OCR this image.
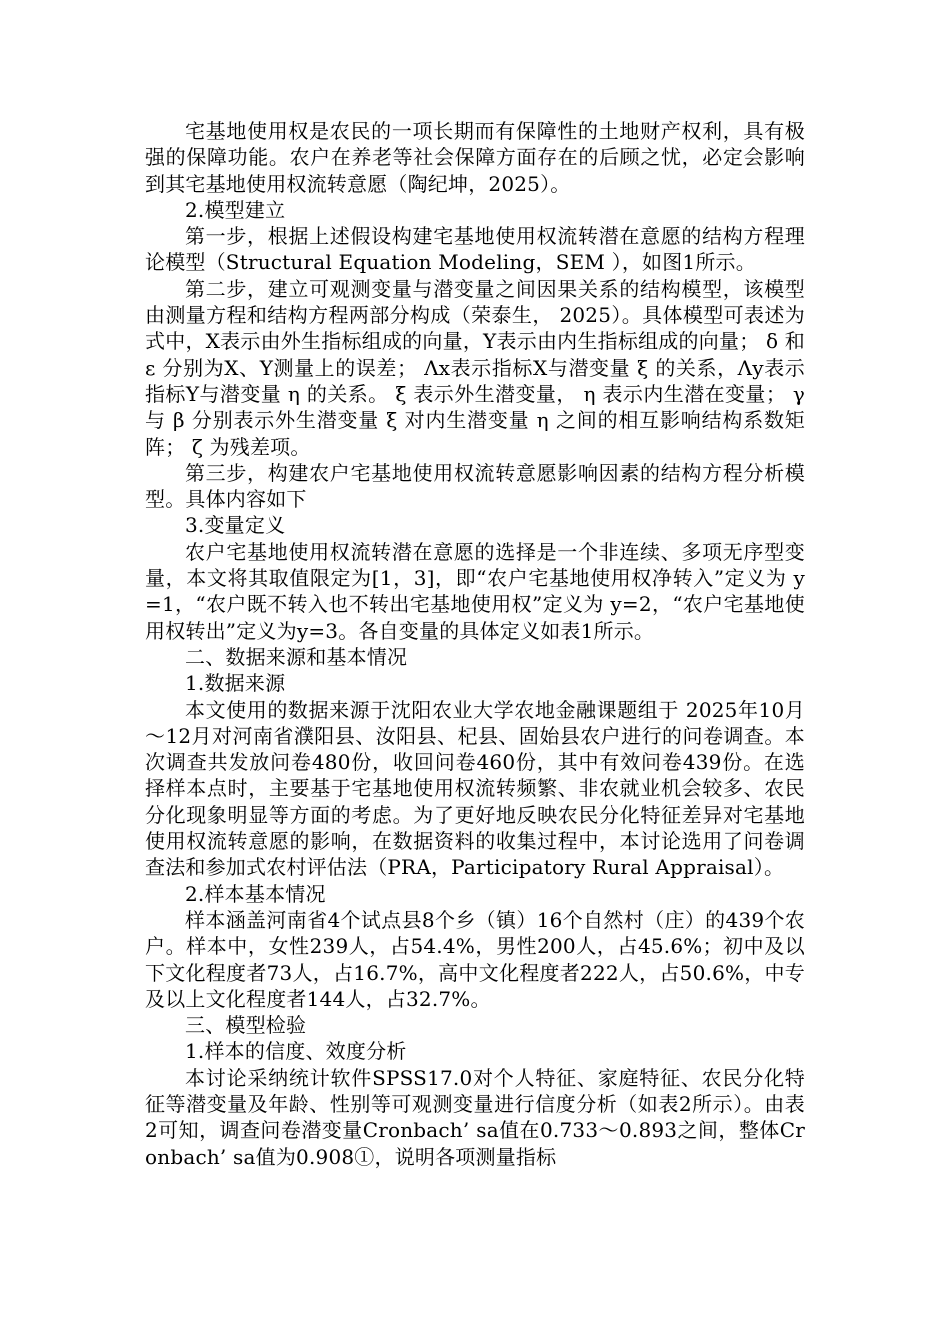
宅基地使用权是农民的一项长期而有保障性的土地财产权利，具有极强的保障功能。农户在养老等社会保障方面存在的后顾之忧，必定会影响到其宅基地使用权流转意愿（陶纪坤，2025）。

2.模型建立

第一步，根据上述假设构建宅基地使用权流转潜在意愿的结构方程理论模型（Structural Equation Modeling，SEM ），如图1所示。

第二步，建立可观测变量与潜变量之间因果关系的结构模型，该模型由测量方程和结构方程两部分构成（荣泰生， 2025）。具体模型可表述为　　　式中，X表示由外生指标组成的向量，Y表示由内生指标组成的向量； δ 和 ε 分别为X、Y测量上的误差； Λx表示指标X与潜变量 ξ 的关系，Λy表示指标Y与潜变量 η 的关系。 ξ 表示外生潜变量， η 表示内生潜在变量； γ 与 β 分别表示外生潜变量 ξ 对内生潜变量 η 之间的相互影响结构系数矩阵； ζ 为残差项。

第三步，构建农户宅基地使用权流转意愿影响因素的结构方程分析模型。具体内容如下

3.变量定义

农户宅基地使用权流转潜在意愿的选择是一个非连续、多项无序型变量，本文将其取值限定为[1，3]，即“农户宅基地使用权净转入”定义为 y=1，“农户既不转入也不转出宅基地使用权”定义为 y=2，“农户宅基地使用权转出”定义为y=3。各自变量的具体定义如表1所示。

二、数据来源和基本情况

1.数据来源

本文使用的数据来源于沈阳农业大学农地金融课题组于 2025年10月～12月对河南省濮阳县、汝阳县、杞县、固始县农户进行的问卷调查。本次调查共发放问卷480份，收回问卷460份，其中有效问卷439份。在选择样本点时，主要基于宅基地使用权流转频繁、非农就业机会较多、农民分化现象明显等方面的考虑。为了更好地反映农民分化特征差异对宅基地使用权流转意愿的影响，在数据资料的收集过程中，本讨论选用了问卷调查法和参加式农村评估法（PRA，Participatory Rural Appraisal）。

2.样本基本情况

样本涵盖河南省4个试点县8个乡（镇）16个自然村（庄）的439个农户。样本中，女性239人，占54.4%，男性200人，占45.6%；初中及以下文化程度者73人，占16.7%，高中文化程度者222人，占50.6%，中专及以上文化程度者144人，占32.7%。

三、模型检验

1.样本的信度、效度分析

本讨论采纳统计软件SPSS17.0对个人特征、家庭特征、农民分化特征等潜变量及年龄、性别等可观测变量进行信度分析（如表2所示）。由表2可知，调查问卷潜变量Cronbach’ sa值在0.733～0.893之间，整体Cronbach’ sa值为0.908①，说明各项测量指标
